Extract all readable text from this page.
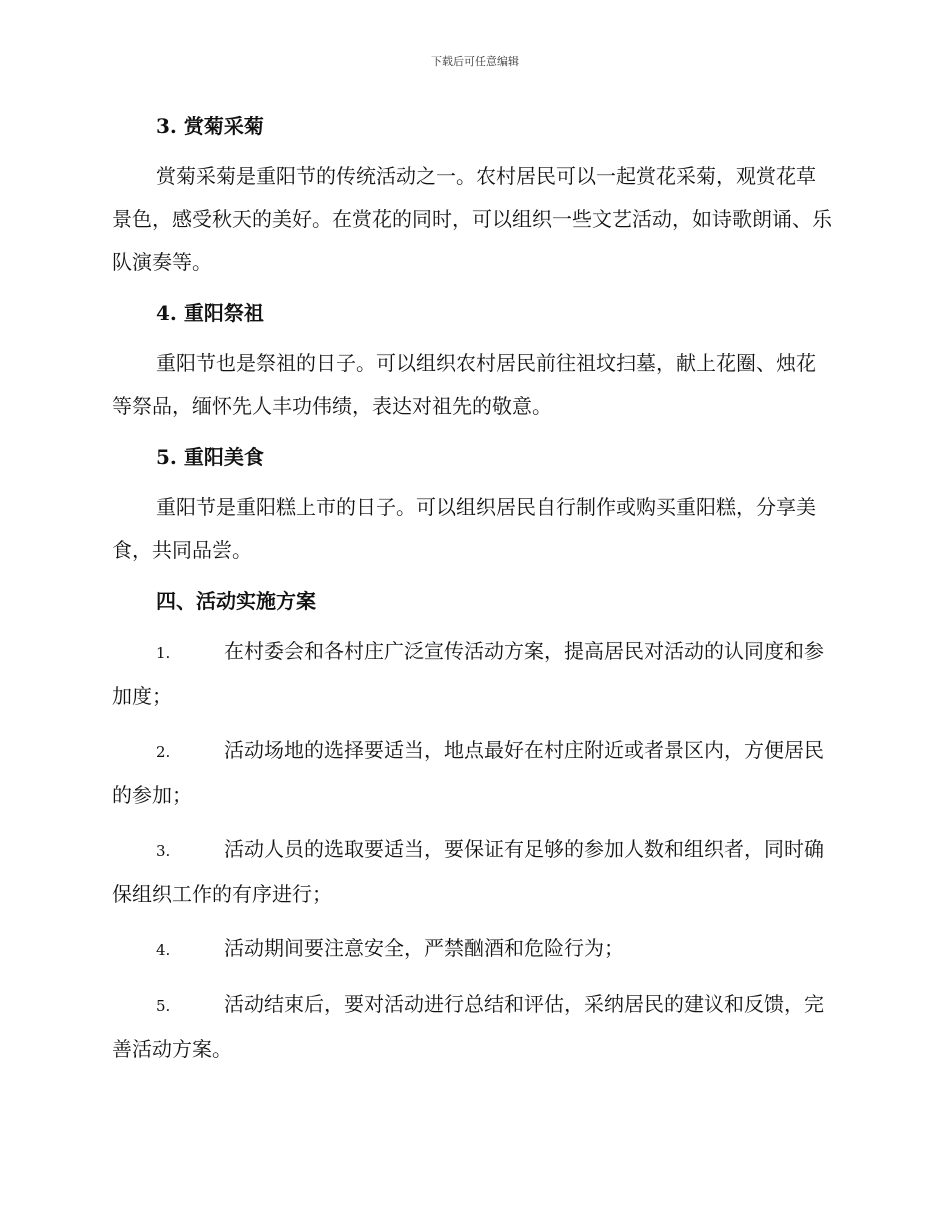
下载后可任意编辑
3. 赏菊采菊

赏菊采菊是重阳节的传统活动之一。农村居民可以一起赏花采菊，观赏花草景色，感受秋天的美好。在赏花的同时，可以组织一些文艺活动，如诗歌朗诵、乐队演奏等。

4. 重阳祭祖

重阳节也是祭祖的日子。可以组织农村居民前往祖坟扫墓，献上花圈、烛花等祭品，缅怀先人丰功伟绩，表达对祖先的敬意。

5. 重阳美食

重阳节是重阳糕上市的日子。可以组织居民自行制作或购买重阳糕，分享美食，共同品尝。

四、活动实施方案

1.	在村委会和各村庄广泛宣传活动方案，提高居民对活动的认同度和参加度；

2.	活动场地的选择要适当，地点最好在村庄附近或者景区内，方便居民的参加；

3.	活动人员的选取要适当，要保证有足够的参加人数和组织者，同时确保组织工作的有序进行；

4.	活动期间要注意安全，严禁酗酒和危险行为；

5.	活动结束后，要对活动进行总结和评估，采纳居民的建议和反馈，完善活动方案。
